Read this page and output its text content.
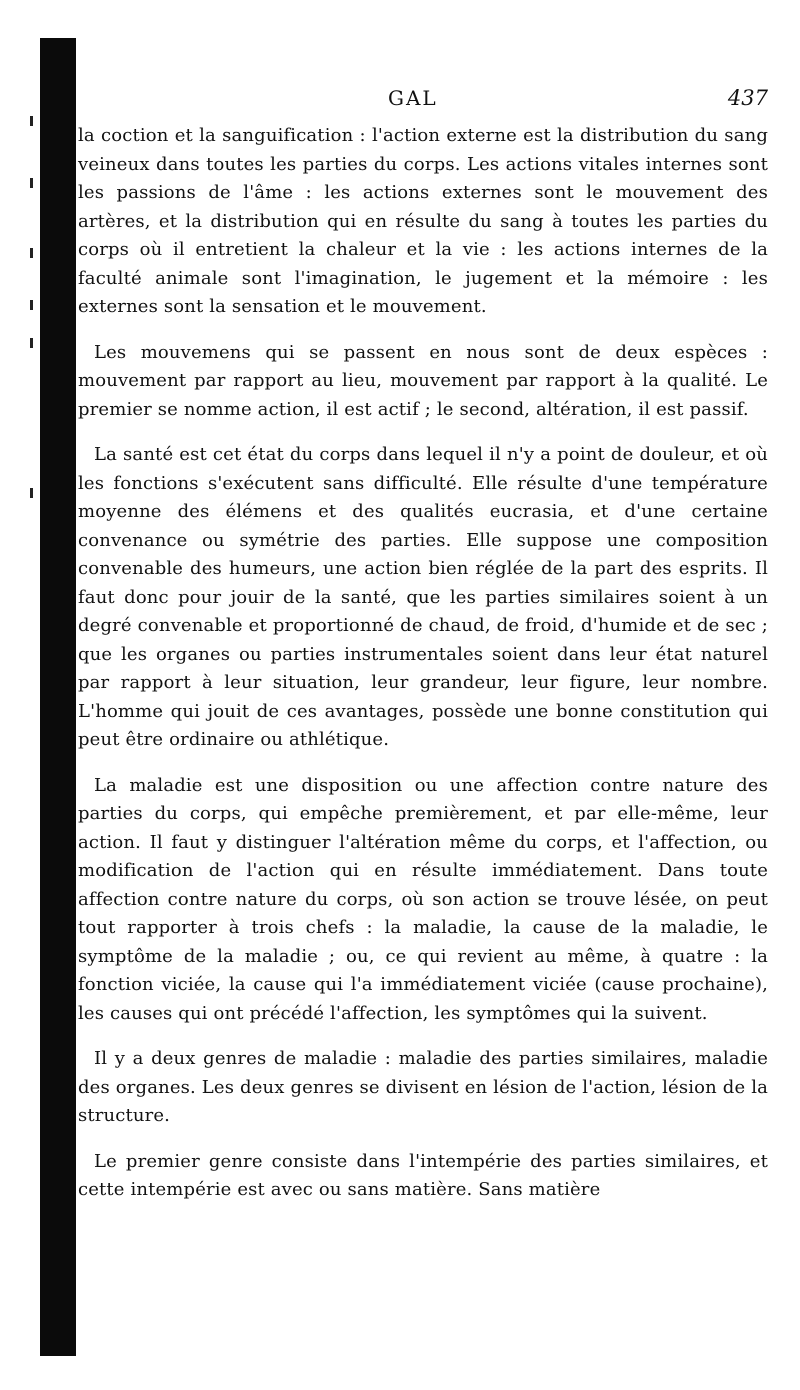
GAL	437

la coction et la sanguification : l'action externe est la distribution du sang veineux dans toutes les parties du corps. Les actions vitales internes sont les passions de l'âme : les actions externes sont le mouvement des artères, et la distribution qui en résulte du sang à toutes les parties du corps où il entretient la chaleur et la vie : les actions internes de la faculté animale sont l'imagination, le jugement et la mémoire : les externes sont la sensation et le mouvement.

Les mouvemens qui se passent en nous sont de deux espèces : mouvement par rapport au lieu, mouvement par rapport à la qualité. Le premier se nomme action, il est actif ; le second, altération, il est passif.

La santé est cet état du corps dans lequel il n'y a point de douleur, et où les fonctions s'exécutent sans difficulté. Elle résulte d'une température moyenne des élémens et des qualités eucrasia, et d'une certaine convenance ou symétrie des parties. Elle suppose une composition convenable des humeurs, une action bien réglée de la part des esprits. Il faut donc pour jouir de la santé, que les parties similaires soient à un degré convenable et proportionné de chaud, de froid, d'humide et de sec ; que les organes ou parties instrumentales soient dans leur état naturel par rapport à leur situation, leur grandeur, leur figure, leur nombre. L'homme qui jouit de ces avantages, possède une bonne constitution qui peut être ordinaire ou athlétique.

La maladie est une disposition ou une affection contre nature des parties du corps, qui empêche premièrement, et par elle-même, leur action. Il faut y distinguer l'altération même du corps, et l'affection, ou modification de l'action qui en résulte immédiatement. Dans toute affection contre nature du corps, où son action se trouve lésée, on peut tout rapporter à trois chefs : la maladie, la cause de la maladie, le symptôme de la maladie ; ou, ce qui revient au même, à quatre : la fonction viciée, la cause qui l'a immédiatement viciée (cause prochaine), les causes qui ont précédé l'affection, les symptômes qui la suivent.

Il y a deux genres de maladie : maladie des parties similaires, maladie des organes. Les deux genres se divisent en lésion de l'action, lésion de la structure.

Le premier genre consiste dans l'intempérie des parties similaires, et cette intempérie est avec ou sans matière. Sans matière
